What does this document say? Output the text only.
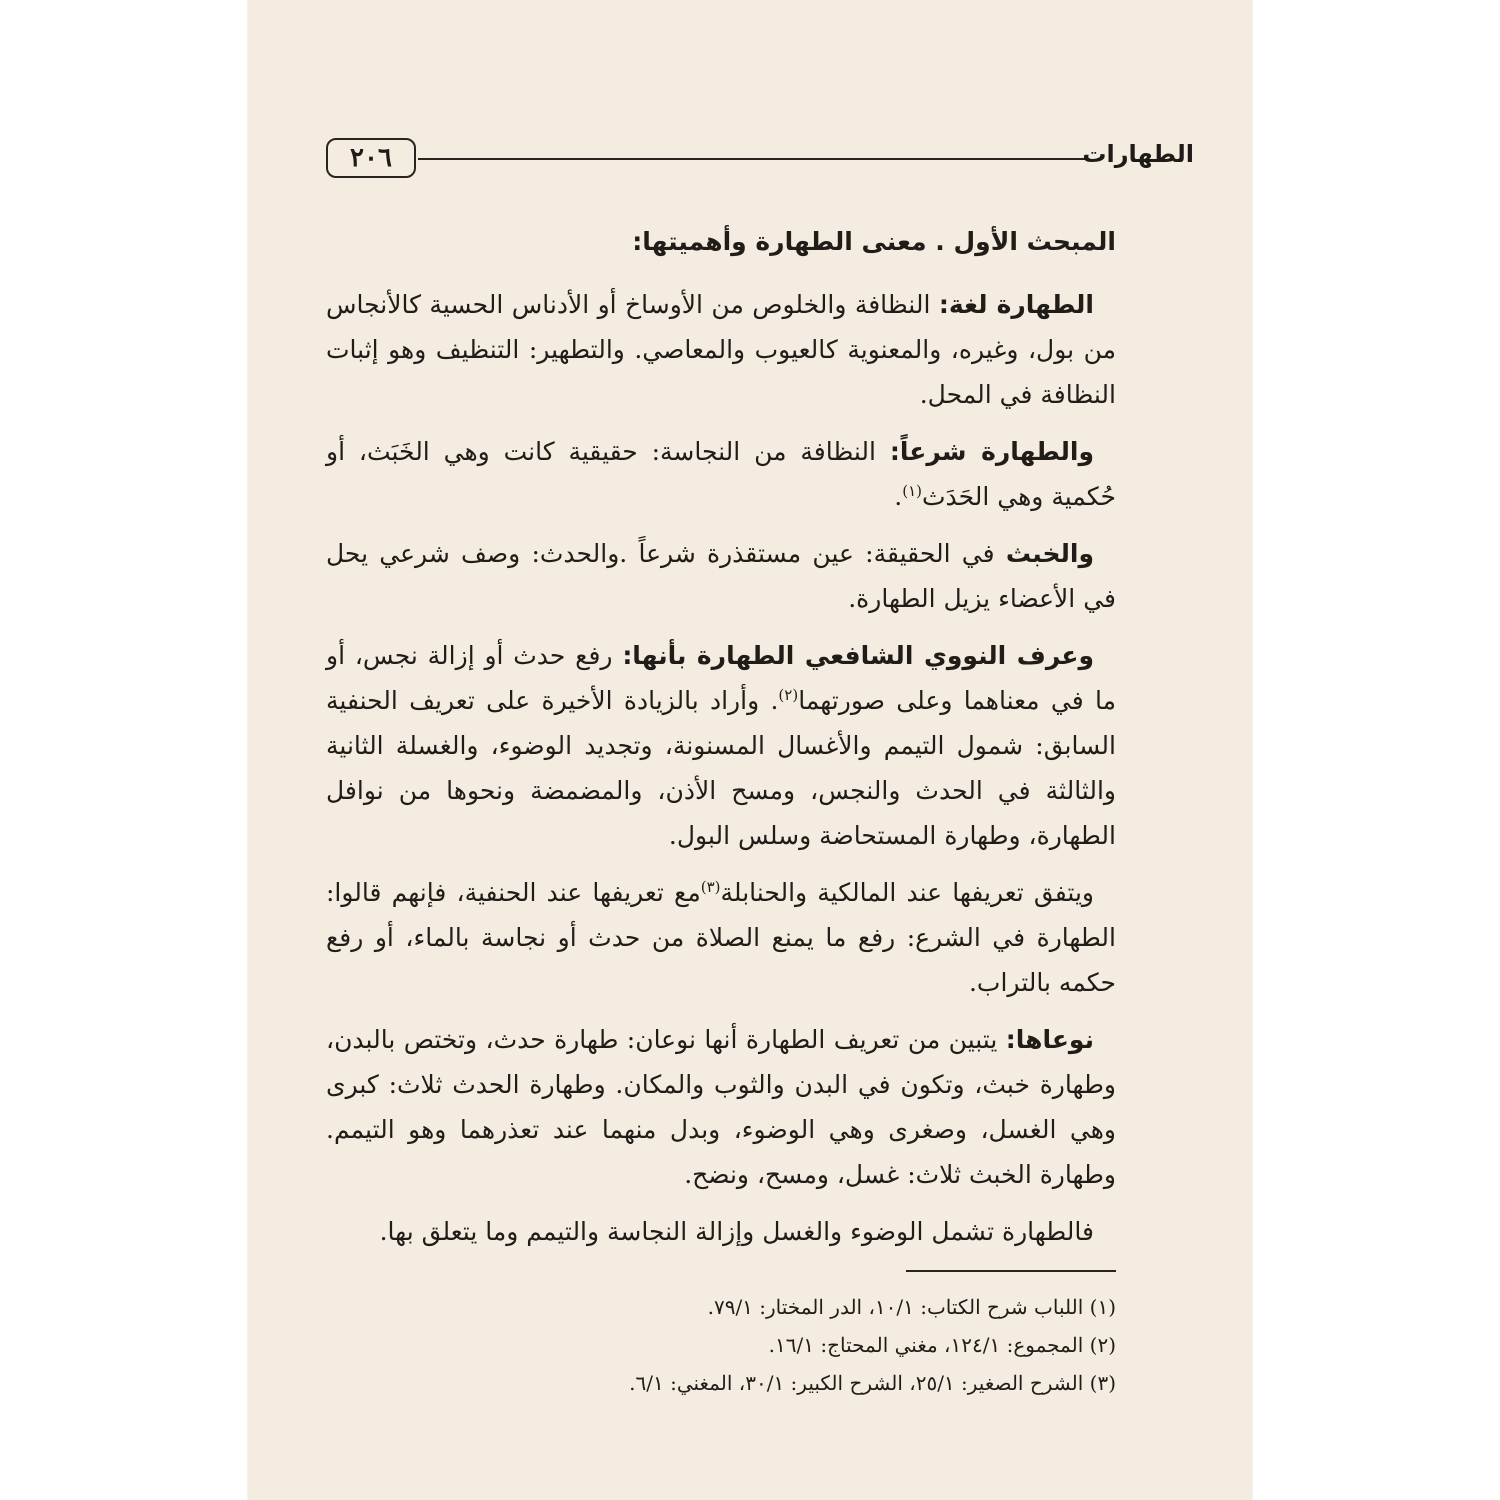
٢٠٦	الطهارات
المبحث الأول . معنى الطهارة وأهميتها:

الطهارة لغة: النظافة والخلوص من الأوساخ أو الأدناس الحسية كالأنجاس من بول، وغيره، والمعنوية كالعيوب والمعاصي. والتطهير: التنظيف وهو إثبات النظافة في المحل.

والطهارة شرعاً: النظافة من النجاسة: حقيقية كانت وهي الخَبَث، أو حُكمية وهي الحَدَث$^{(١)}$.

والخبث في الحقيقة: عين مستقذرة شرعاً .والحدث: وصف شرعي يحل في الأعضاء يزيل الطهارة.

وعرف النووي الشافعي الطهارة بأنها: رفع حدث أو إزالة نجس، أو ما في معناهما وعلى صورتهما$^{(٢)}$. وأراد بالزيادة الأخيرة على تعريف الحنفية السابق: شمول التيمم والأغسال المسنونة، وتجديد الوضوء، والغسلة الثانية والثالثة في الحدث والنجس، ومسح الأذن، والمضمضة ونحوها من نوافل الطهارة، وطهارة المستحاضة وسلس البول.

ويتفق تعريفها عند المالكية والحنابلة$^{(٣)}$مع تعريفها عند الحنفية، فإنهم قالوا: الطهارة في الشرع: رفع ما يمنع الصلاة من حدث أو نجاسة بالماء، أو رفع حكمه بالتراب.

نوعاها: يتبين من تعريف الطهارة أنها نوعان: طهارة حدث، وتختص بالبدن، وطهارة خبث، وتكون في البدن والثوب والمكان. وطهارة الحدث ثلاث: كبرى وهي الغسل، وصغرى وهي الوضوء، وبدل منهما عند تعذرهما وهو التيمم. وطهارة الخبث ثلاث: غسل، ومسح، ونضح.

فالطهارة تشمل الوضوء والغسل وإزالة النجاسة والتيمم وما يتعلق بها.

(١) اللباب شرح الكتاب: ١٠/١، الدر المختار: ٧٩/١.

(٢) المجموع: ١٢٤/١، مغني المحتاج: ١٦/١.

(٣) الشرح الصغير: ٢٥/١، الشرح الكبير: ٣٠/١، المغني: ٦/١.
